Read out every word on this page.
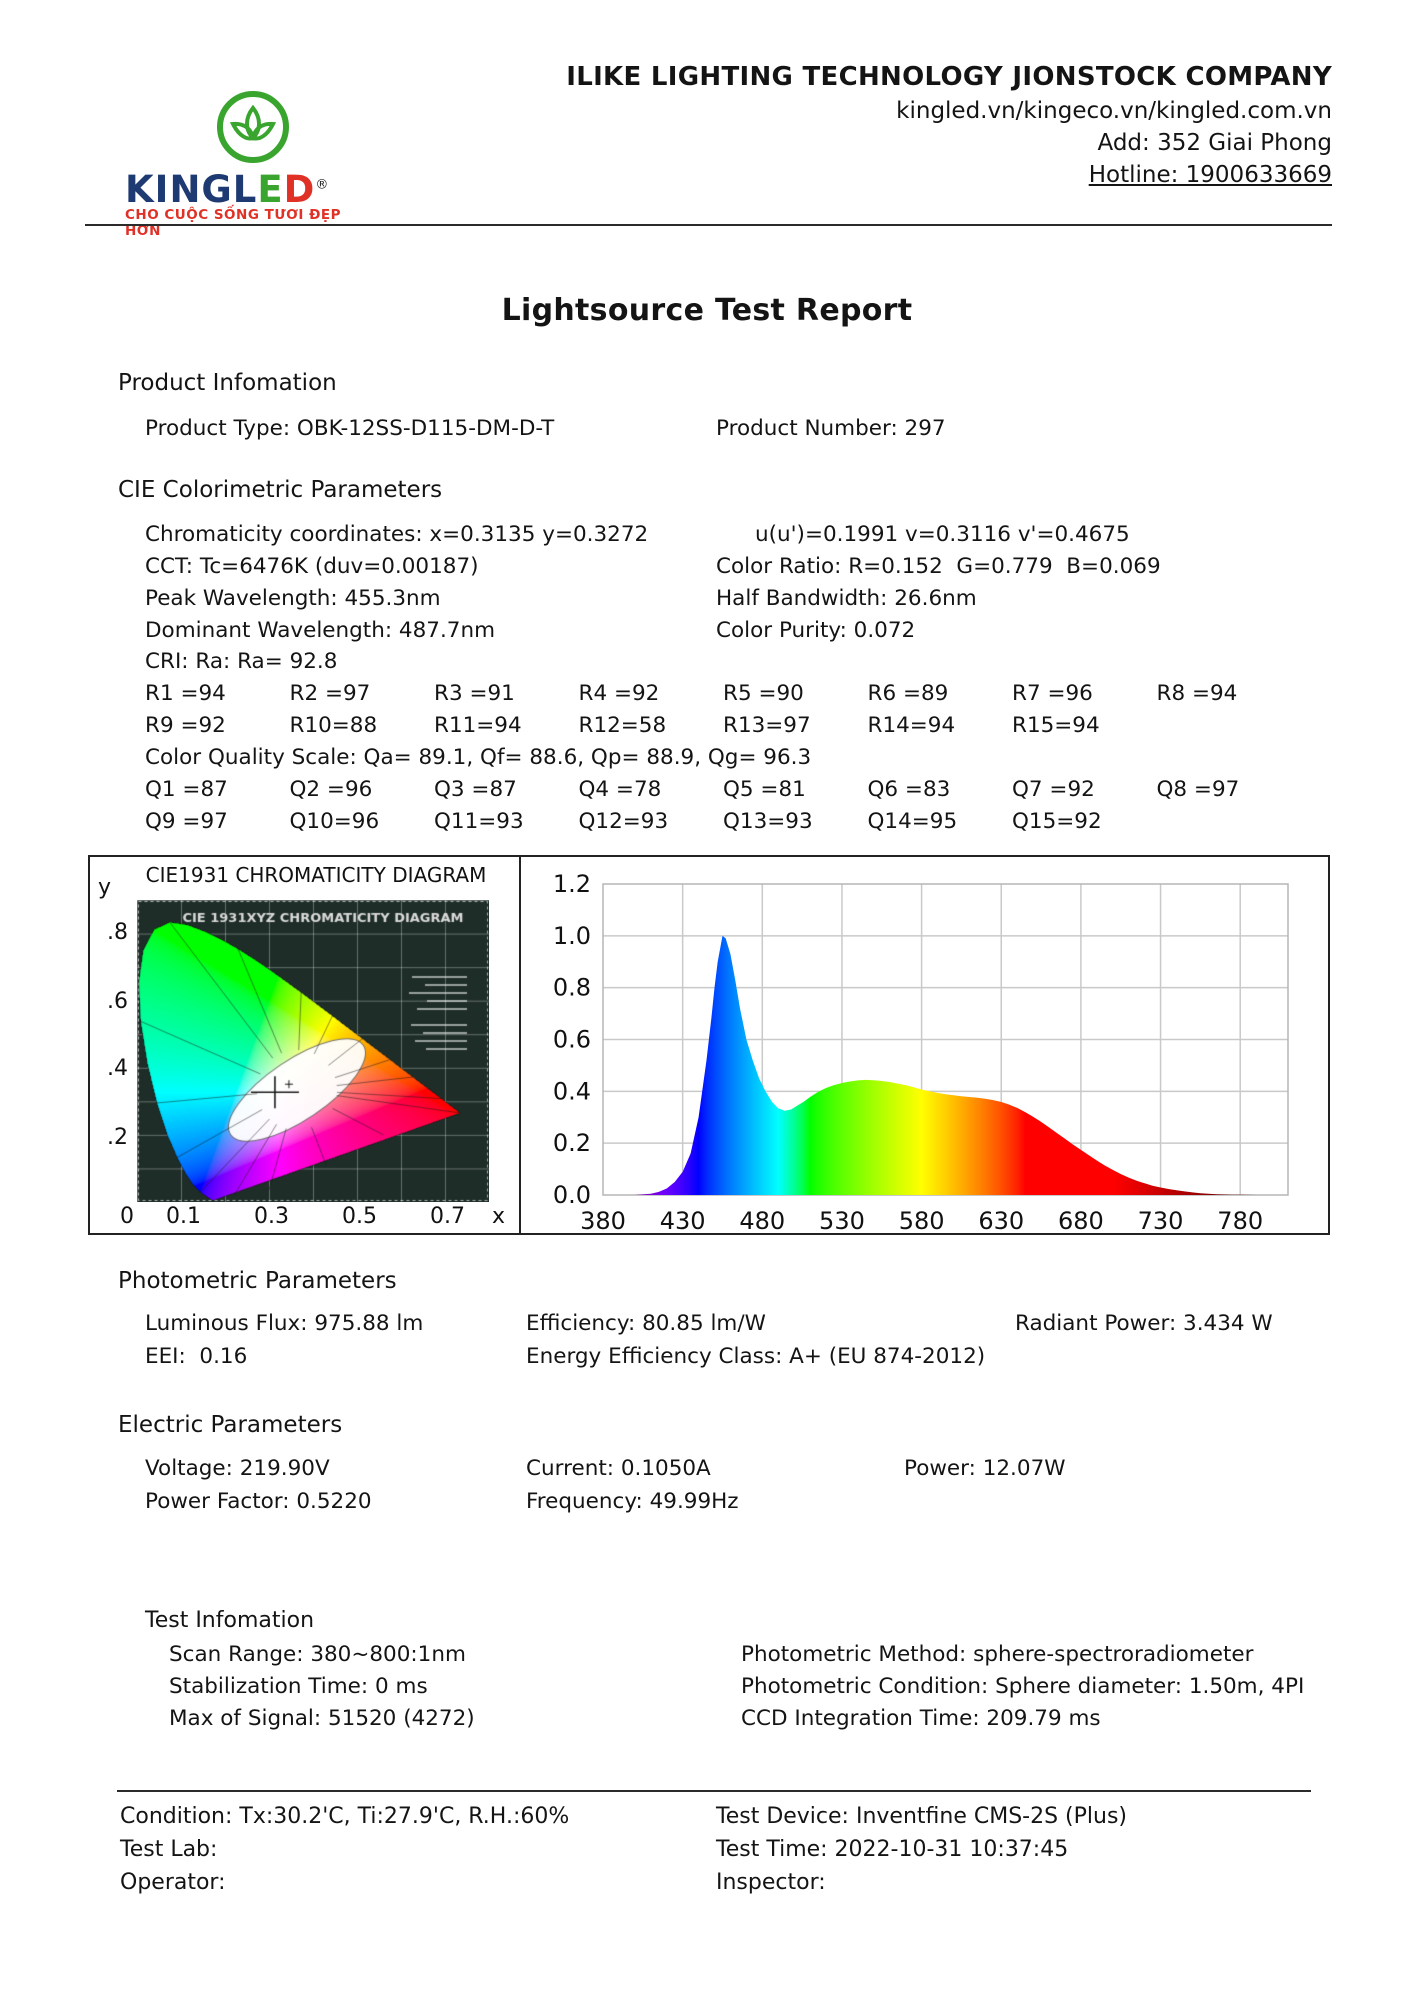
KINGLED®
CHO CUỘC SỐNG TƯƠI ĐẸP HƠN
ILIKE LIGHTING TECHNOLOGY JIONSTOCK COMPANY
kingled.vn/kingeco.vn/kingled.com.vn
Add: 352 Giai Phong
Hotline: 1900633669
Lightsource Test Report
Product Infomation
Product Type: OBK-12SS-D115-DM-D-T	Product Number: 297
CIE Colorimetric Parameters
Chromaticity coordinates: x=0.3135 y=0.3272	u(u')=0.1991 v=0.3116 v'=0.4675
CCT: Tc=6476K (duv=0.00187)	Color Ratio: R=0.152  G=0.779  B=0.069
Peak Wavelength: 455.3nm	Half Bandwidth: 26.6nm
Dominant Wavelength: 487.7nm	Color Purity: 0.072
CRI: Ra: Ra= 92.8
R1 =94	R2 =97	R3 =91	R4 =92	R5 =90	R6 =89	R7 =96	R8 =94
R9 =92	R10=88	R11=94	R12=58	R13=97	R14=94	R15=94
Color Quality Scale: Qa= 89.1, Qf= 88.6, Qp= 88.9, Qg= 96.3
Q1 =87	Q2 =96	Q3 =87	Q4 =78	Q5 =81	Q6 =83	Q7 =92	Q8 =97
Q9 =97	Q10=96	Q11=93	Q12=93	Q13=93	Q14=95	Q15=92
CIE1931 CHROMATICITY DIAGRAM
y
.8
.6
.4
.2
0 0.1 0.3 0.5 0.7 x
0.0
0.2
0.4
0.6
0.8
1.0
1.2
380 430 480 530 580 630 680 730 780
Photometric Parameters
Luminous Flux: 975.88 lm	Efficiency: 80.85 lm/W	Radiant Power: 3.434 W
EEI:  0.16	Energy Efficiency Class: A+ (EU 874-2012)
Electric Parameters
Voltage: 219.90V	Current: 0.1050A	Power: 12.07W
Power Factor: 0.5220	Frequency: 49.99Hz
Test Infomation
Scan Range: 380~800:1nm	Photometric Method: sphere-spectroradiometer
Stabilization Time: 0 ms	Photometric Condition: Sphere diameter: 1.50m, 4PI
Max of Signal: 51520 (4272)	CCD Integration Time: 209.79 ms
Condition: Tx:30.2'C, Ti:27.9'C, R.H.:60%	Test Device: Inventfine CMS-2S (Plus)
Test Lab:	Test Time: 2022-10-31 10:37:45
Operator:	Inspector:
